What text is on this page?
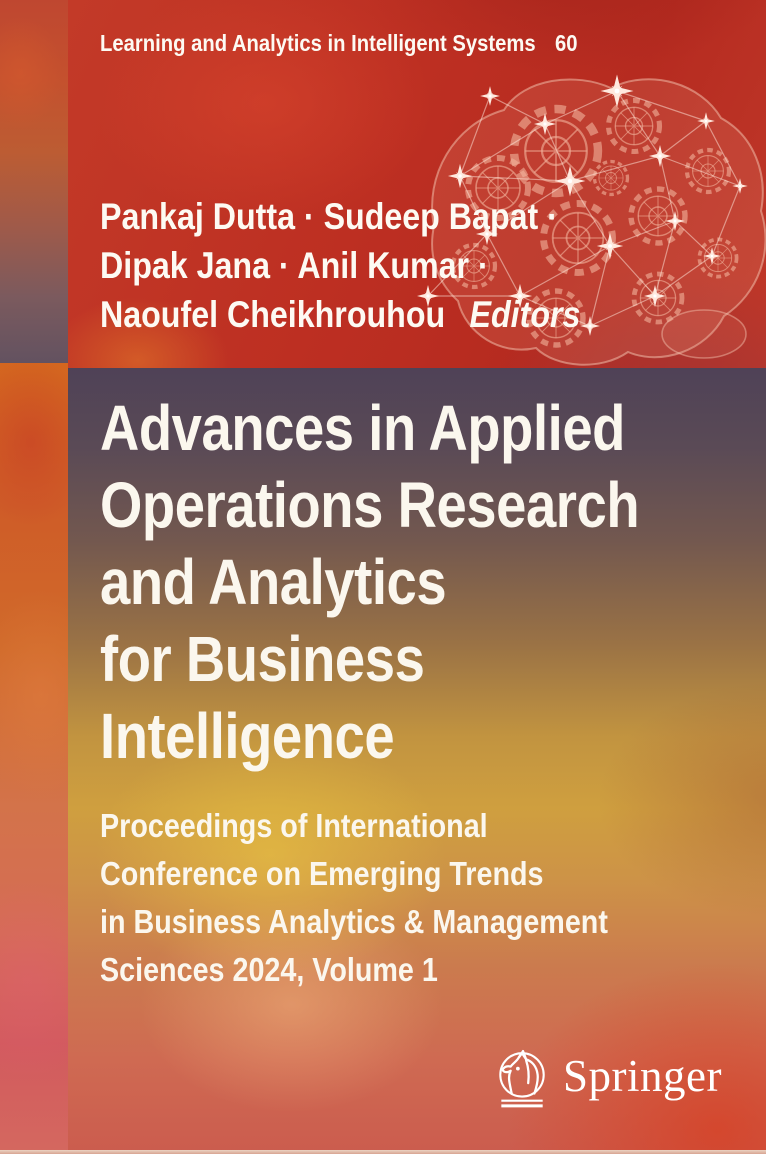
Learning and Analytics in Intelligent Systems 60
Pankaj Dutta · Sudeep Bapat ·
Dipak Jana · Anil Kumar ·
Naoufel Cheikhrouhou Editors
Advances in Applied
Operations Research
and Analytics
for Business
Intelligence
Proceedings of International
Conference on Emerging Trends
in Business Analytics & Management
Sciences 2024, Volume 1
Springer
